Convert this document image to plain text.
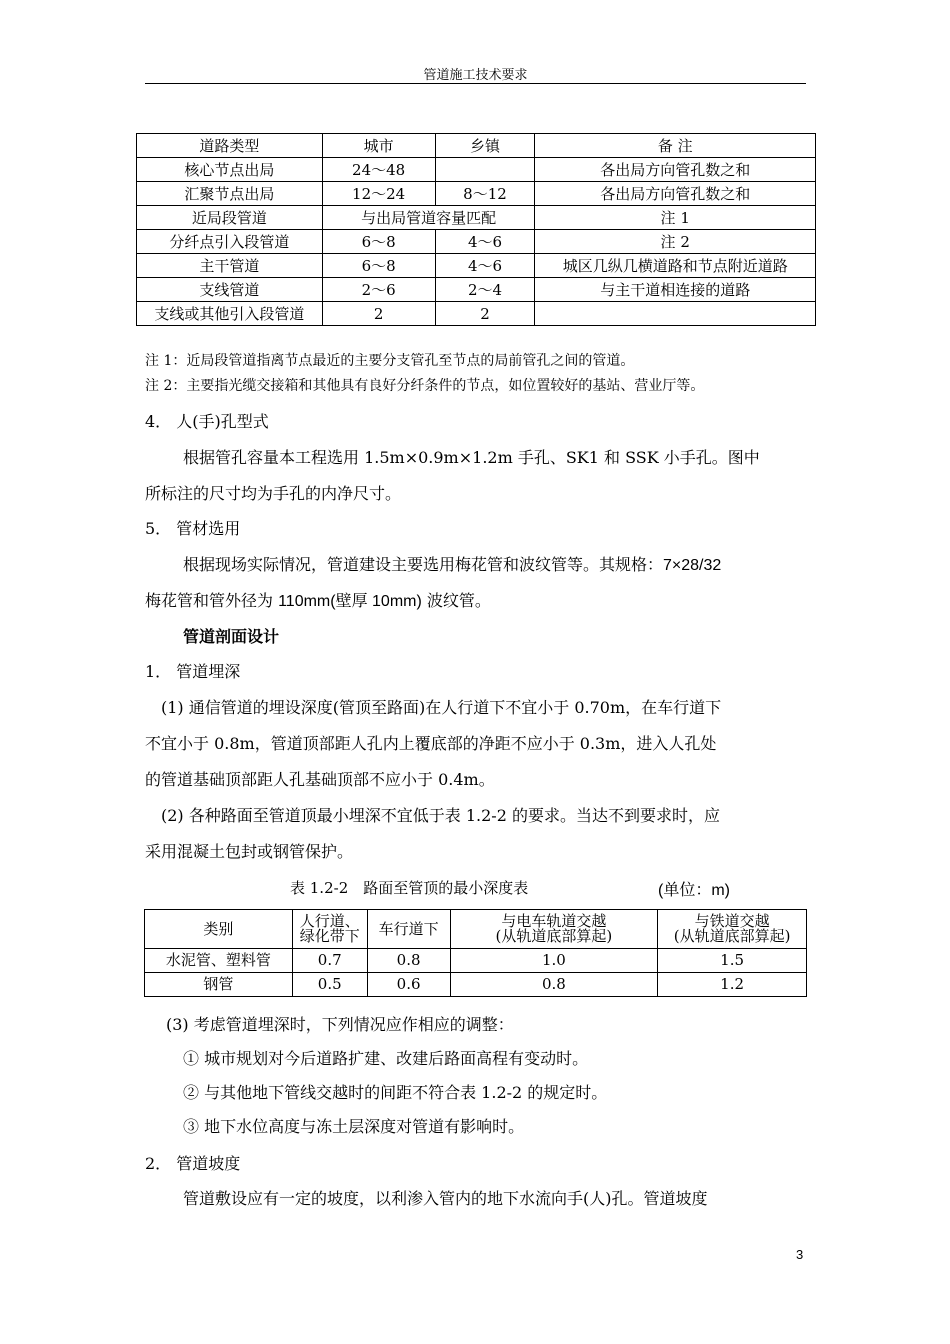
管道施工技术要求
道路类型	城市	乡镇	备 注
核心节点出局	24～48		各出局方向管孔数之和
汇聚节点出局	12～24	8～12	各出局方向管孔数之和
近局段管道	与出局管道容量匹配		注 1
分纤点引入段管道	6～8	4～6	注 2
主干管道	6～8	4～6	城区几纵几横道路和节点附近道路
支线管道	2～6	2～4	与主干道相连接的道路
支线或其他引入段管道	2	2	
注 1：近局段管道指离节点最近的主要分支管孔至节点的局前管孔之间的管道。
注 2：主要指光缆交接箱和其他具有良好分纤条件的节点，如位置较好的基站、营业厅等。
4． 人(手)孔型式
根据管孔容量本工程选用 1.5m×0.9m×1.2m 手孔、SK1 和 SSK 小手孔。图中
所标注的尺寸均为手孔的内净尺寸。
5． 管材选用
根据现场实际情况，管道建设主要选用梅花管和波纹管等。其规格：7×28/32
梅花管和管外径为 110mm(壁厚 10mm) 波纹管。
管道剖面设计
1． 管道埋深
(1) 通信管道的埋设深度(管顶至路面)在人行道下不宜小于 0.70m，在车行道下
不宜小于 0.8m，管道顶部距人孔内上覆底部的净距不应小于 0.3m，进入人孔处
的管道基础顶部距人孔基础顶部不应小于 0.4m。
(2) 各种路面至管道顶最小埋深不宜低于表 1.2-2 的要求。当达不到要求时，应
采用混凝土包封或钢管保护。
表 1.2-2　路面至管顶的最小深度表	(单位：m)
类别	人行道、
绿化带下	车行道下	与电车轨道交越
(从轨道底部算起)	与铁道交越
(从轨道底部算起)
水泥管、塑料管	0.7	0.8	1.0	1.5
钢管	0.5	0.6	0.8	1.2
(3) 考虑管道埋深时，下列情况应作相应的调整：
① 城市规划对今后道路扩建、改建后路面高程有变动时。
② 与其他地下管线交越时的间距不符合表 1.2-2 的规定时。
③ 地下水位高度与冻土层深度对管道有影响时。
2． 管道坡度
管道敷设应有一定的坡度，以利渗入管内的地下水流向手(人)孔。管道坡度
3
